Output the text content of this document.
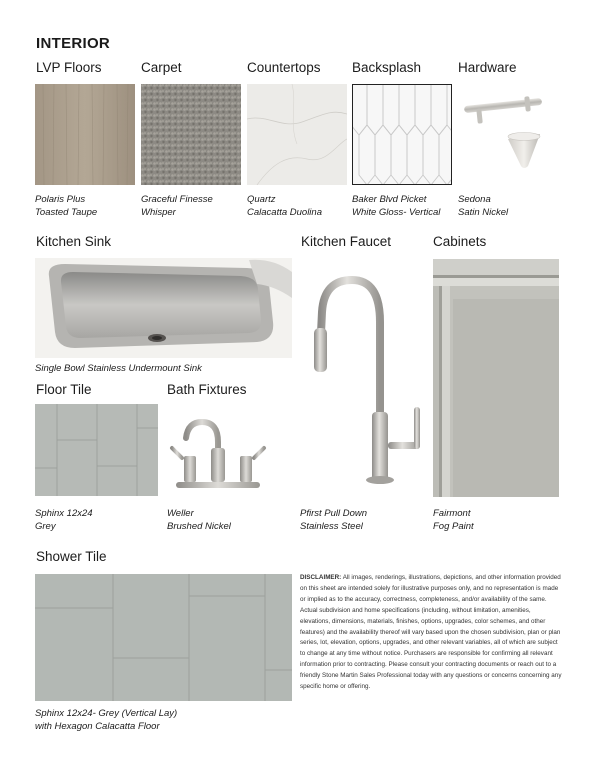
INTERIOR
LVP Floors	Carpet	Countertops Backsplash	Hardware
Polaris Plus
Toasted Taupe
Graceful Finesse
Whisper
Quartz
Calacatta Duolina
Baker Blvd Picket
White Gloss- Vertical
Sedona
Satin Nickel
Kitchen Sink	Kitchen Faucet	Cabinets
Single Bowl Stainless Undermount Sink
Pfirst Pull Down
Stainless Steel
Fairmont
Fog Paint
Floor Tile	Bath Fixtures
Sphinx 12x24
Grey
Weller
Brushed Nickel
Shower Tile
Sphinx 12x24- Grey (Vertical Lay)
with Hexagon Calacatta Floor
DISCLAIMER: All images, renderings, illustrations, depictions, and other information provided on this sheet are intended solely for illustrative purposes only, and no representation is made or implied as to the accuracy, correctness, completeness, and/or availability of the same. Actual subdivision and home specifications (including, without limitation, amenities, elevations, dimensions, materials, finishes, options, upgrades, color schemes, and other features) and the availability thereof will vary based upon the chosen subdivision, plan or plan series, lot, elevation, options, upgrades, and other relevant variables, all of which are subject to change at any time without notice. Purchasers are responsible for confirming all relevant information prior to contracting. Please consult your contracting documents or reach out to a friendly Stone Martin Sales Professional today with any questions or concerns concerning any specific home or offering.
